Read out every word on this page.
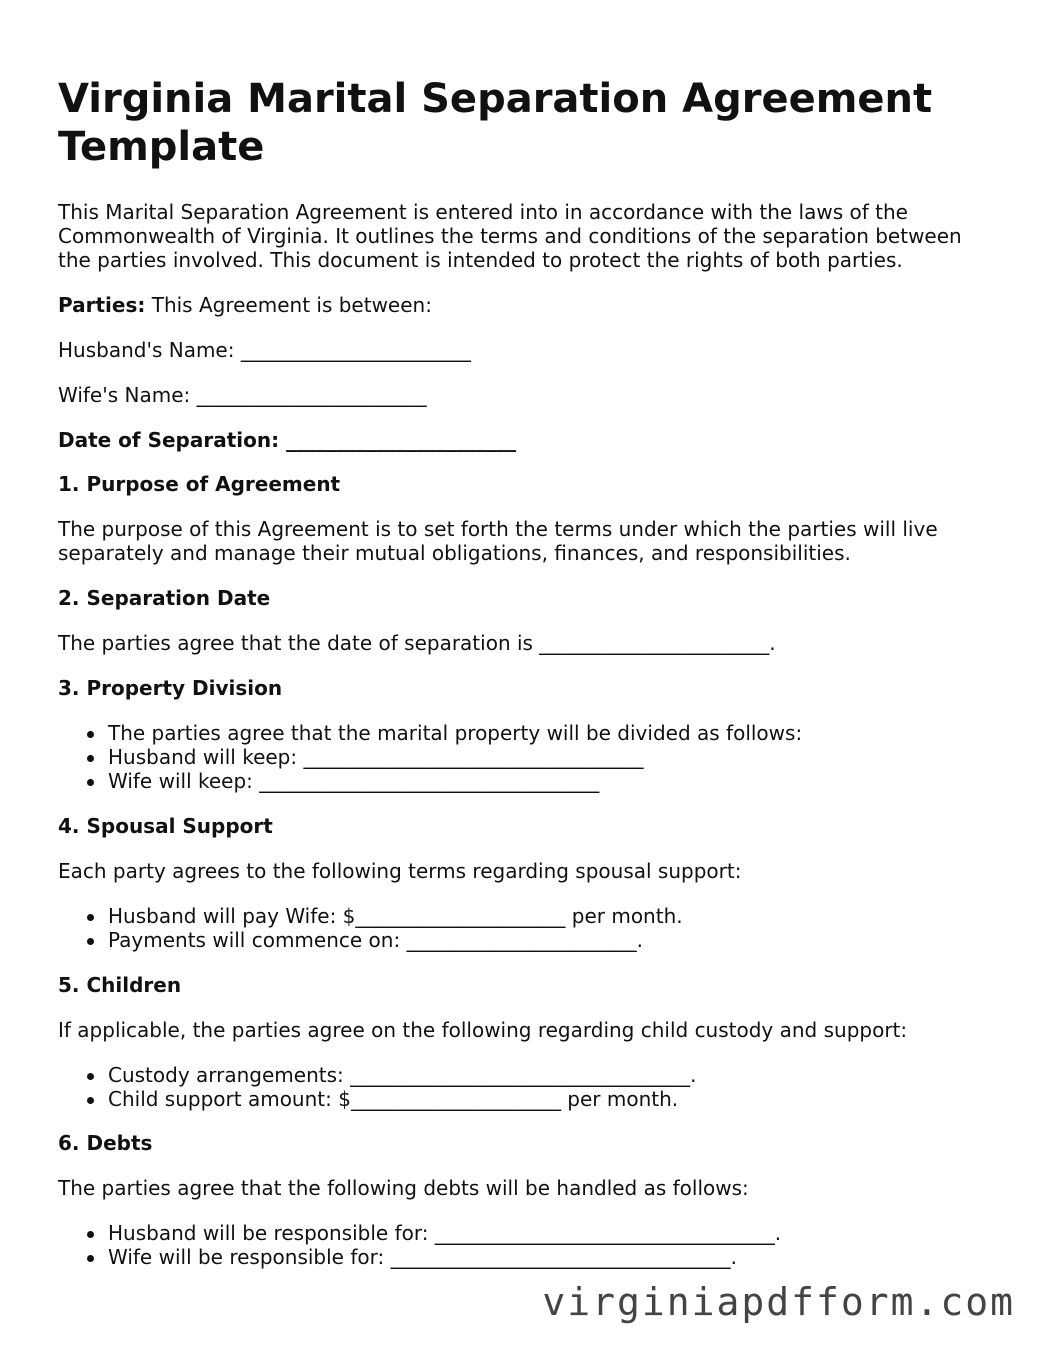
Virginia Marital Separation Agreement Template

This Marital Separation Agreement is entered into in accordance with the laws of the

Commonwealth of Virginia. It outlines the terms and conditions of the separation between

the parties involved. This document is intended to protect the rights of both parties.

Parties: This Agreement is between:

Husband's Name: _______________________

Wife's Name: _______________________

Date of Separation: _______________________

1. Purpose of Agreement

The purpose of this Agreement is to set forth the terms under which the parties will live

separately and manage their mutual obligations, finances, and responsibilities.

2. Separation Date

The parties agree that the date of separation is _______________________.

3. Property Division

The parties agree that the marital property will be divided as follows:

Husband will keep: __________________________________

Wife will keep: __________________________________

4. Spousal Support

Each party agrees to the following terms regarding spousal support:

Husband will pay Wife: $_____________________ per month.

Payments will commence on: _______________________.

5. Children

If applicable, the parties agree on the following regarding child custody and support:

Custody arrangements: __________________________________.

Child support amount: $_____________________ per month.

6. Debts

The parties agree that the following debts will be handled as follows:

Husband will be responsible for: __________________________________.

Wife will be responsible for: __________________________________.

virginiapdfform.com
